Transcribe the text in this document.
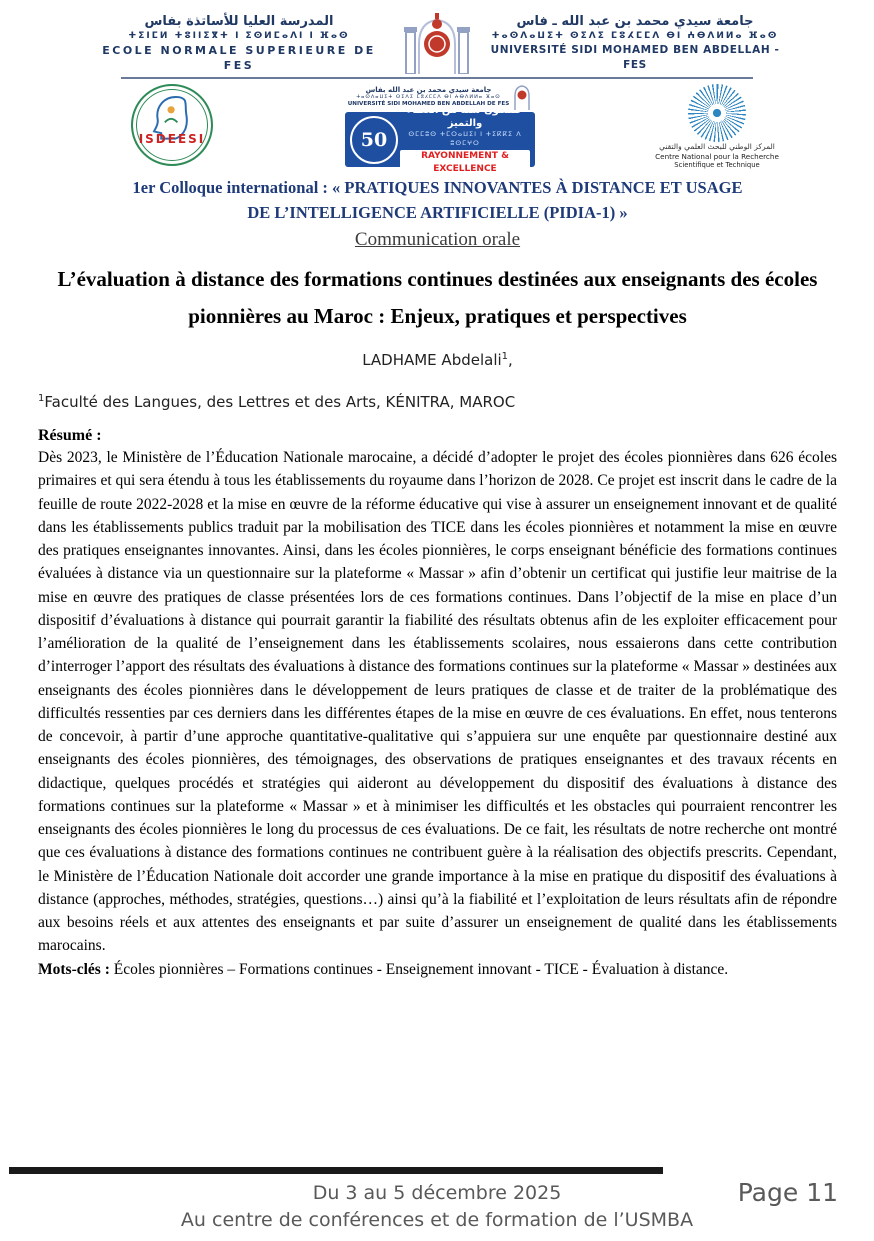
المدرسة العليا للأساتذة بفاس
ⵜⵉⵏⵎⵍ ⵜⵓⵏⵏⵉⴳⵜ ⵏ ⵉⵙⵍⵎⴰⴷⵏ ⵏ ⴼⴰⵙ
ECOLE NORMALE SUPERIEURE DE FES
جامعة سيدي محمد بن عبد الله ـ فاس
ⵜⴰⵙⴷⴰⵡⵉⵜ ⵙⵉⴷⵉ ⵎⵓⵃⵎⵎⴷ ⴱⵏ ⵄⴱⴷⵍⵍⴰ ⴼⴰⵙ
UNIVERSITÉ SIDI MOHAMED BEN ABDELLAH - FES
ISDEESI
جامعة سيدي محمد بن عبد الله بفاس
ⵜⴰⵙⴷⴰⵡⵉⵜ ⵙⵉⴷⵉ ⵎⵓⵃⵎⵎⴷ ⴱⵏ ⵄⴱⴷⵍⵍⴰ ⴼⴰⵙ
UNIVERSITÉ SIDI MOHAMED BEN ABDELLAH DE FES
50
خمسون سنة من العطاء والتميز
ⵙⵎⵎⵓⵙ ⵜⵎⵔⴰⵡⵉⵏ ⵏ ⵜⵉⴽⴽⵉ ⴷ ⵓⵙⵎⵖⵔ
RAYONNEMENT & EXCELLENCE
المركز الوطني للبحث العلمي والتقني
Centre National pour la Recherche
Scientifique et Technique
1er Colloque international : « PRATIQUES INNOVANTES À DISTANCE ET USAGE
DE L’INTELLIGENCE ARTIFICIELLE (PIDIA-1) »
Communication orale
L’évaluation à distance des formations continues destinées aux enseignants des écoles pionnières au Maroc : Enjeux, pratiques et perspectives
LADHAME Abdelali$^1$,
$^1$Faculté des Langues, des Lettres et des Arts, KÉNITRA, MAROC
Résumé :

Dès 2023, le Ministère de l’Éducation Nationale marocaine, a décidé d’adopter le projet des écoles pionnières dans 626 écoles primaires et qui sera étendu à tous les établissements du royaume dans l’horizon de 2028. Ce projet est inscrit dans le cadre de la feuille de route 2022-2028 et la mise en œuvre de la réforme éducative qui vise à assurer un enseignement innovant et de qualité dans les établissements publics traduit par la mobilisation des TICE dans les écoles pionnières et notamment la mise en œuvre des pratiques enseignantes innovantes. Ainsi, dans les écoles pionnières, le corps enseignant bénéficie des formations continues évaluées à distance via un questionnaire sur la plateforme « Massar » afin d’obtenir un certificat qui justifie leur maitrise de la mise en œuvre des pratiques de classe présentées lors de ces formations continues. Dans l’objectif de la mise en place d’un dispositif d’évaluations à distance qui pourrait garantir la fiabilité des résultats obtenus afin de les exploiter efficacement pour l’amélioration de la qualité de l’enseignement dans les établissements scolaires, nous essaierons dans cette contribution d’interroger l’apport des résultats des évaluations à distance des formations continues sur la plateforme « Massar » destinées aux enseignants des écoles pionnières dans le développement de leurs pratiques de classe et de traiter de la problématique des difficultés ressenties par ces derniers dans les différentes étapes de la mise en œuvre de ces évaluations. En effet, nous tenterons de concevoir, à partir d’une approche quantitative-qualitative qui s’appuiera sur une enquête par questionnaire destiné aux enseignants des écoles pionnières, des témoignages, des observations de pratiques enseignantes et des travaux récents en didactique, quelques procédés et stratégies qui aideront au développement du dispositif des évaluations à distance des formations continues sur la plateforme « Massar » et à minimiser les difficultés et les obstacles qui pourraient rencontrer les enseignants des écoles pionnières le long du processus de ces évaluations. De ce fait, les résultats de notre recherche ont montré que ces évaluations à distance des formations continues ne contribuent guère à la réalisation des objectifs prescrits. Cependant, le Ministère de l’Éducation Nationale doit accorder une grande importance à la mise en pratique du dispositif des évaluations à distance (approches, méthodes, stratégies, questions…) ainsi qu’à la fiabilité et l’exploitation de leurs résultats afin de répondre aux besoins réels et aux attentes des enseignants et par suite d’assurer un enseignement de qualité dans les établissements marocains.

Mots-clés : Écoles pionnières – Formations continues - Enseignement innovant - TICE - Évaluation à distance.

Du 3 au 5 décembre 2025
Au centre de conférences et de formation de l’USMBA
Page 11
